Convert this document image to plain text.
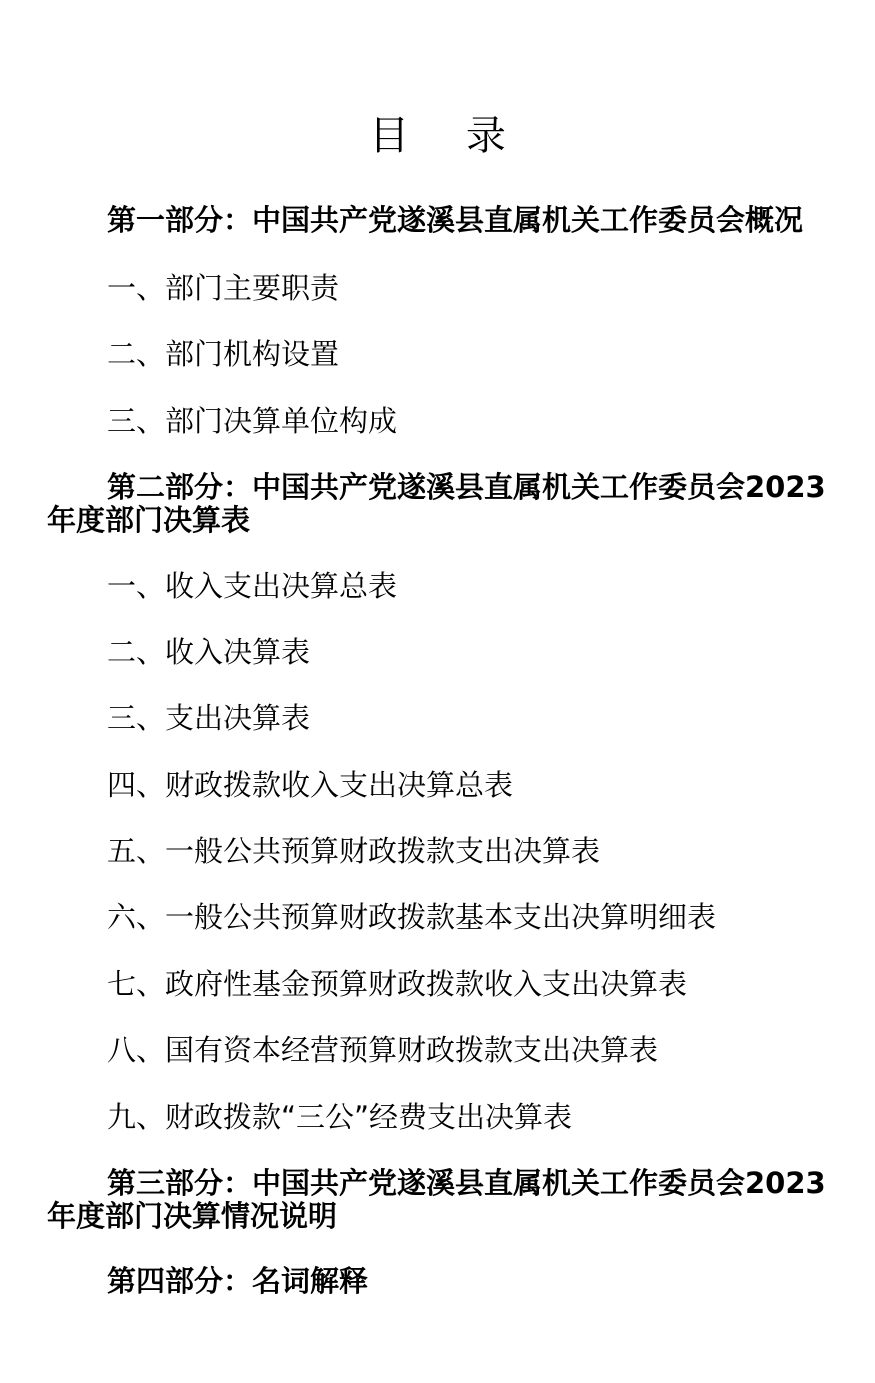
目 录

第一部分：中国共产党遂溪县直属机关工作委员会概况

一、部门主要职责

二、部门机构设置

三、部门决算单位构成

第二部分：中国共产党遂溪县直属机关工作委员会2023年度部门决算表

一、收入支出决算总表

二、收入决算表

三、支出决算表

四、财政拨款收入支出决算总表

五、一般公共预算财政拨款支出决算表

六、一般公共预算财政拨款基本支出决算明细表

七、政府性基金预算财政拨款收入支出决算表

八、国有资本经营预算财政拨款支出决算表

九、财政拨款“三公”经费支出决算表

第三部分：中国共产党遂溪县直属机关工作委员会2023年度部门决算情况说明

第四部分：名词解释
